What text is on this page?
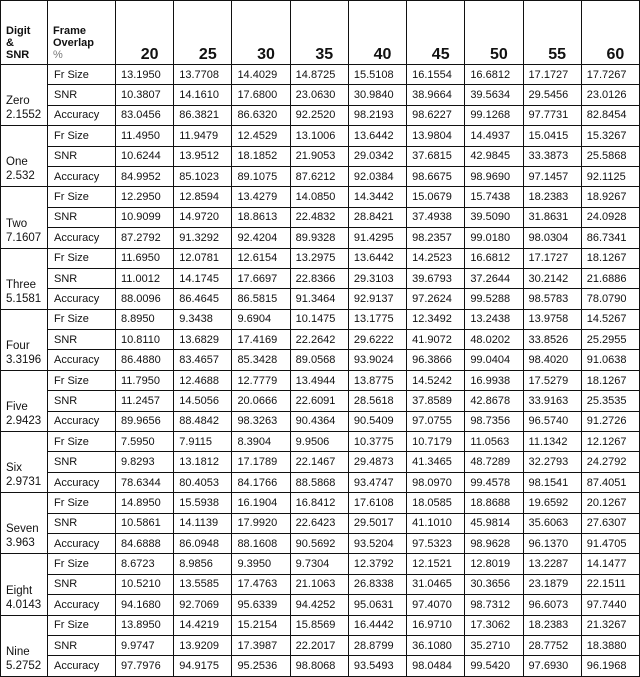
Digit
&
SNR	Frame
Overlap
%	20	25	30	35	40	45	50	55	60
Zero
2.1552	Fr Size	13.1950	13.7708	14.4029	14.8725	15.5108	16.1554	16.6812	17.1727	17.7267
	SNR	10.3807	14.1610	17.6800	23.0630	30.9840	38.9664	39.5634	29.5456	23.0126
	Accuracy	83.0456	86.3821	86.6320	92.2520	98.2193	98.6227	99.1268	97.7731	82.8454
One
2.532	Fr Size	11.4950	11.9479	12.4529	13.1006	13.6442	13.9804	14.4937	15.0415	15.3267
	SNR	10.6244	13.9512	18.1852	21.9053	29.0342	37.6815	42.9845	33.3873	25.5868
	Accuracy	84.9952	85.1023	89.1075	87.6212	92.0384	98.6675	98.9690	97.1457	92.1125
Two
7.1607	Fr Size	12.2950	12.8594	13.4279	14.0850	14.3442	15.0679	15.7438	18.2383	18.9267
	SNR	10.9099	14.9720	18.8613	22.4832	28.8421	37.4938	39.5090	31.8631	24.0928
	Accuracy	87.2792	91.3292	92.4204	89.9328	91.4295	98.2357	99.0180	98.0304	86.7341
Three
5.1581	Fr Size	11.6950	12.0781	12.6154	13.2975	13.6442	14.2523	16.6812	17.1727	18.1267
	SNR	11.0012	14.1745	17.6697	22.8366	29.3103	39.6793	37.2644	30.2142	21.6886
	Accuracy	88.0096	86.4645	86.5815	91.3464	92.9137	97.2624	99.5288	98.5783	78.0790
Four
3.3196	Fr Size	8.8950	9.3438	9.6904	10.1475	13.1775	12.3492	13.2438	13.9758	14.5267
	SNR	10.8110	13.6829	17.4169	22.2642	29.6222	41.9072	48.0202	33.8526	25.2955
	Accuracy	86.4880	83.4657	85.3428	89.0568	93.9024	96.3866	99.0404	98.4020	91.0638
Five
2.9423	Fr Size	11.7950	12.4688	12.7779	13.4944	13.8775	14.5242	16.9938	17.5279	18.1267
	SNR	11.2457	14.5056	20.0666	22.6091	28.5618	37.8589	42.8678	33.9163	25.3535
	Accuracy	89.9656	88.4842	98.3263	90.4364	90.5409	97.0755	98.7356	96.5740	91.2726
Six
2.9731	Fr Size	7.5950	7.9115	8.3904	9.9506	10.3775	10.7179	11.0563	11.1342	12.1267
	SNR	9.8293	13.1812	17.1789	22.1467	29.4873	41.3465	48.7289	32.2793	24.2792
	Accuracy	78.6344	80.4053	84.1766	88.5868	93.4747	98.0970	99.4578	98.1541	87.4051
Seven
3.963	Fr Size	14.8950	15.5938	16.1904	16.8412	17.6108	18.0585	18.8688	19.6592	20.1267
	SNR	10.5861	14.1139	17.9920	22.6423	29.5017	41.1010	45.9814	35.6063	27.6307
	Accuracy	84.6888	86.0948	88.1608	90.5692	93.5204	97.5323	98.9628	96.1370	91.4705
Eight
4.0143	Fr Size	8.6723	8.9856	9.3950	9.7304	12.3792	12.1521	12.8019	13.2287	14.1477
	SNR	10.5210	13.5585	17.4763	21.1063	26.8338	31.0465	30.3656	23.1879	22.1511
	Accuracy	94.1680	92.7069	95.6339	94.4252	95.0631	97.4070	98.7312	96.6073	97.7440
Nine
5.2752	Fr Size	13.8950	14.4219	15.2154	15.8569	16.4442	16.9710	17.3062	18.2383	21.3267
	SNR	9.9747	13.9209	17.3987	22.2017	28.8799	36.1080	35.2710	28.7752	18.3880
	Accuracy	97.7976	94.9175	95.2536	98.8068	93.5493	98.0484	99.5420	97.6930	96.1968
